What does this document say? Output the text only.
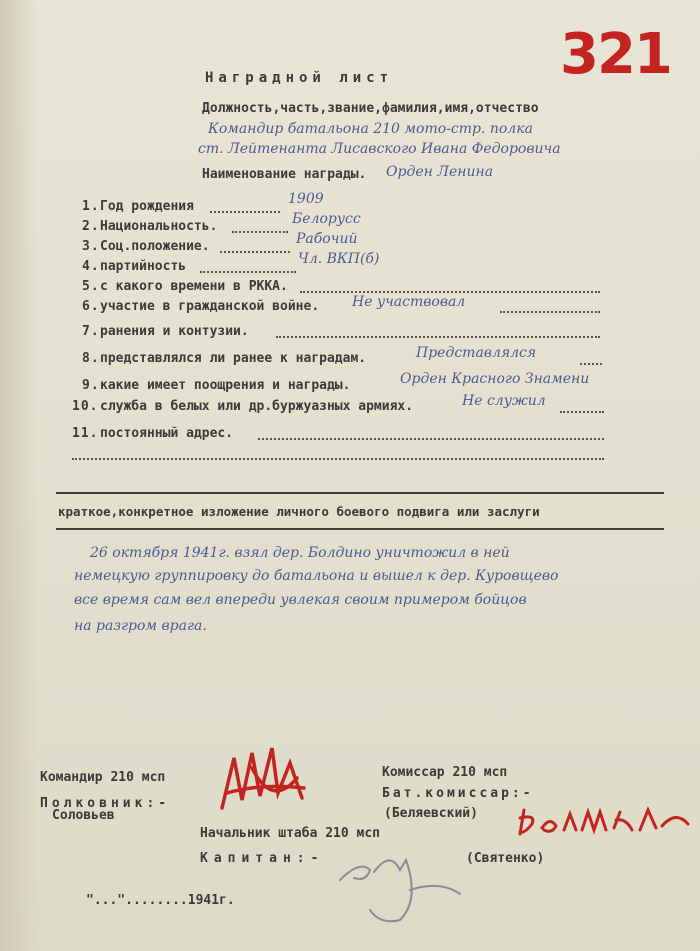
321
Наградной лист
Должность,часть,звание,фамилия,имя,отчество
Командир батальона 210 мото-стр. полка
ст. Лейтенанта Лисавского Ивана Федоровича
Наименование награды. Орден Ленина
1. Год рождения	1909
2. Национальность.	Белорусс
3. Соц.положение.	Рабочий
4. партийность	Чл. ВКП(б)
5. с какого времени в РККА.
6. участие в гражданской войне. Не участвовал
7. ранения и контузии.
8. представлялся ли ранее к наградам.	Представлялся
9. какие имеет поощрения и награды.	Орден Красного Знамени
10. служба в белых или др.буржуазных армиях.	Не служил
11. постоянный адрес.
краткое,конкретное изложение личного боевого подвига или заслуги
26 октября 1941г. взял дер. Болдино уничтожил в ней
немецкую группировку до батальона и вышел к дер. Куровщево
все время сам вел впереди увлекая своим примером бойцов
на разгром врага.
Командир 210 мсп
Полковник:-
Соловьев
Комиссар 210 мсп
Бат.комиссар:-
(Беляевский)
Начальник штаба 210 мсп
Капитан:-	(Святенко)
"..."........1941г.
